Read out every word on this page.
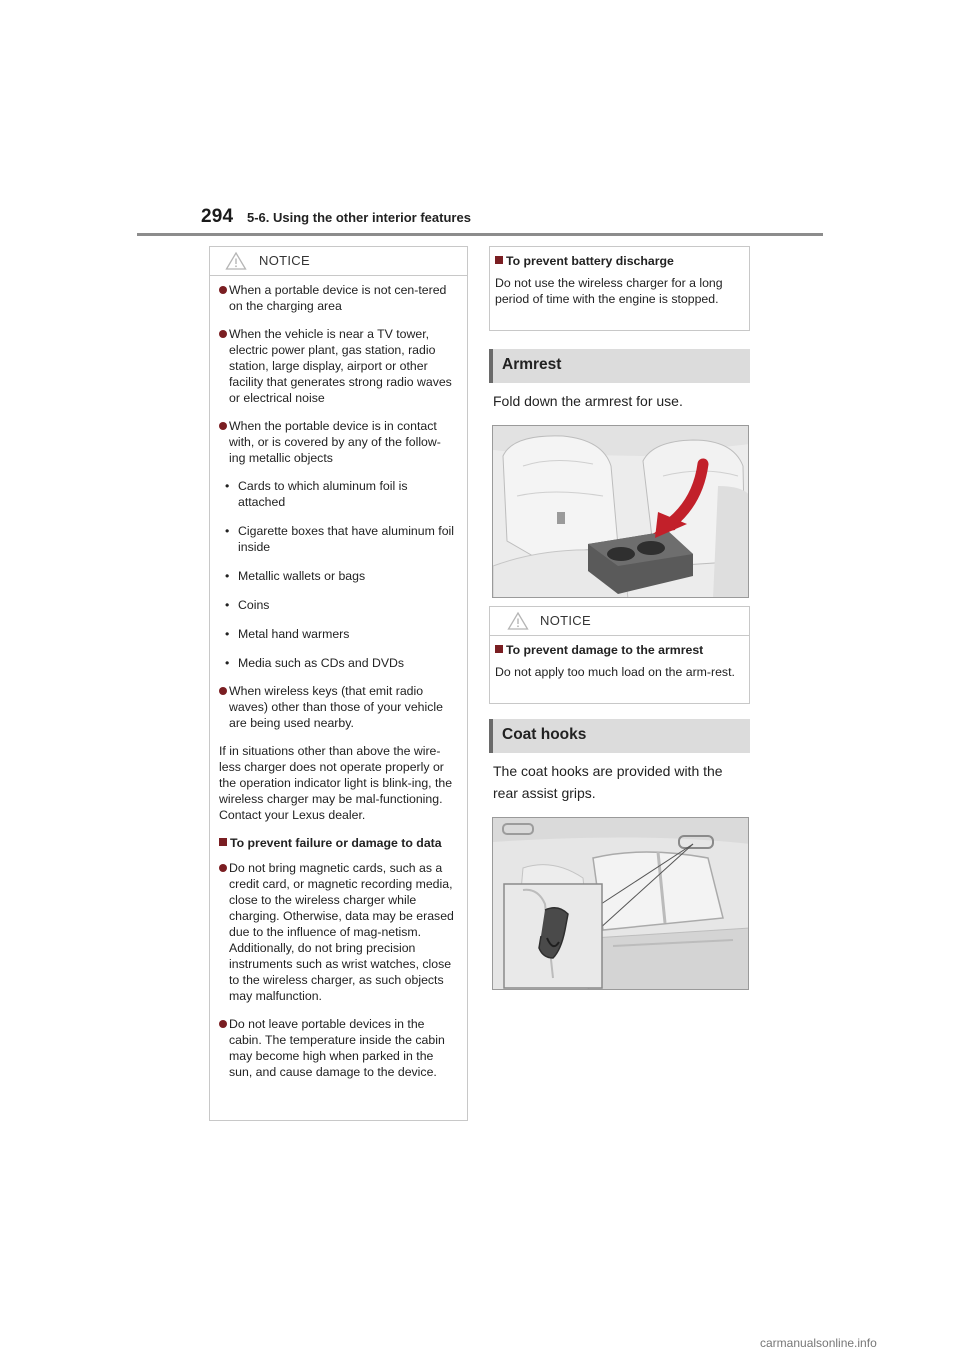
294 5-6. Using the other interior features
NOTICE
When a portable device is not cen-tered on the charging area
When the vehicle is near a TV tower, electric power plant, gas station, radio station, large display, airport or other facility that generates strong radio waves or electrical noise
When the portable device is in contact with, or is covered by any of the follow-ing metallic objects
• Cards to which aluminum foil is attached
• Cigarette boxes that have aluminum foil inside
• Metallic wallets or bags
• Coins
• Metal hand warmers
• Media such as CDs and DVDs
When wireless keys (that emit radio waves) other than those of your vehicle are being used nearby.
If in situations other than above the wire-less charger does not operate properly or the operation indicator light is blink-ing, the wireless charger may be mal-functioning. Contact your Lexus dealer.
To prevent failure or damage to data
Do not bring magnetic cards, such as a credit card, or magnetic recording media, close to the wireless charger while charging. Otherwise, data may be erased due to the influence of mag-netism.
Additionally, do not bring precision instruments such as wrist watches, close to the wireless charger, as such objects may malfunction.
Do not leave portable devices in the cabin. The temperature inside the cabin may become high when parked in the sun, and cause damage to the device.
To prevent battery discharge
Do not use the wireless charger for a long period of time with the engine is stopped.
Armrest
Fold down the armrest for use.
NOTICE
To prevent damage to the armrest
Do not apply too much load on the arm-rest.
Coat hooks
The coat hooks are provided with the
rear assist grips.
carmanualsonline.info
